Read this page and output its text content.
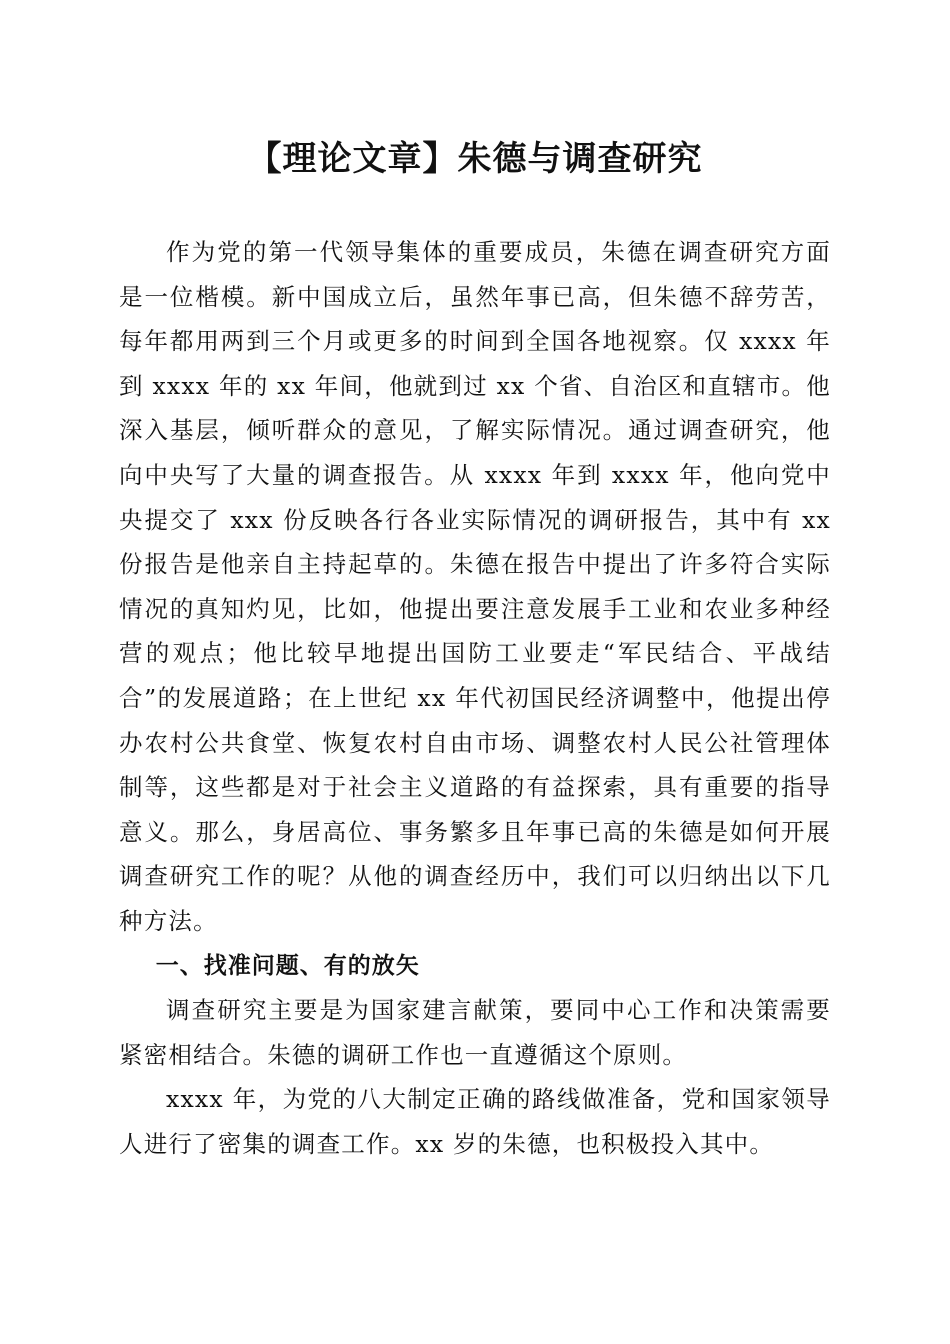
【理论文章】朱德与调查研究

作为党的第一代领导集体的重要成员，朱德在调查研究方面是一位楷模。新中国成立后，虽然年事已高，但朱德不辞劳苦，每年都用两到三个月或更多的时间到全国各地视察。仅 xxxx 年到 xxxx 年的 xx 年间，他就到过 xx 个省、自治区和直辖市。他深入基层，倾听群众的意见，了解实际情况。通过调查研究，他向中央写了大量的调查报告。从 xxxx 年到 xxxx 年，他向党中央提交了 xxx 份反映各行各业实际情况的调研报告，其中有 xx 份报告是他亲自主持起草的。朱德在报告中提出了许多符合实际情况的真知灼见，比如，他提出要注意发展手工业和农业多种经营的观点；他比较早地提出国防工业要走“军民结合、平战结合”的发展道路；在上世纪 xx 年代初国民经济调整中，他提出停办农村公共食堂、恢复农村自由市场、调整农村人民公社管理体制等，这些都是对于社会主义道路的有益探索，具有重要的指导意义。那么，身居高位、事务繁多且年事已高的朱德是如何开展调查研究工作的呢？从他的调查经历中，我们可以归纳出以下几种方法。

一、找准问题、有的放矢

调查研究主要是为国家建言献策，要同中心工作和决策需要紧密相结合。朱德的调研工作也一直遵循这个原则。

xxxx 年，为党的八大制定正确的路线做准备，党和国家领导人进行了密集的调查工作。xx 岁的朱德，也积极投入其中。
